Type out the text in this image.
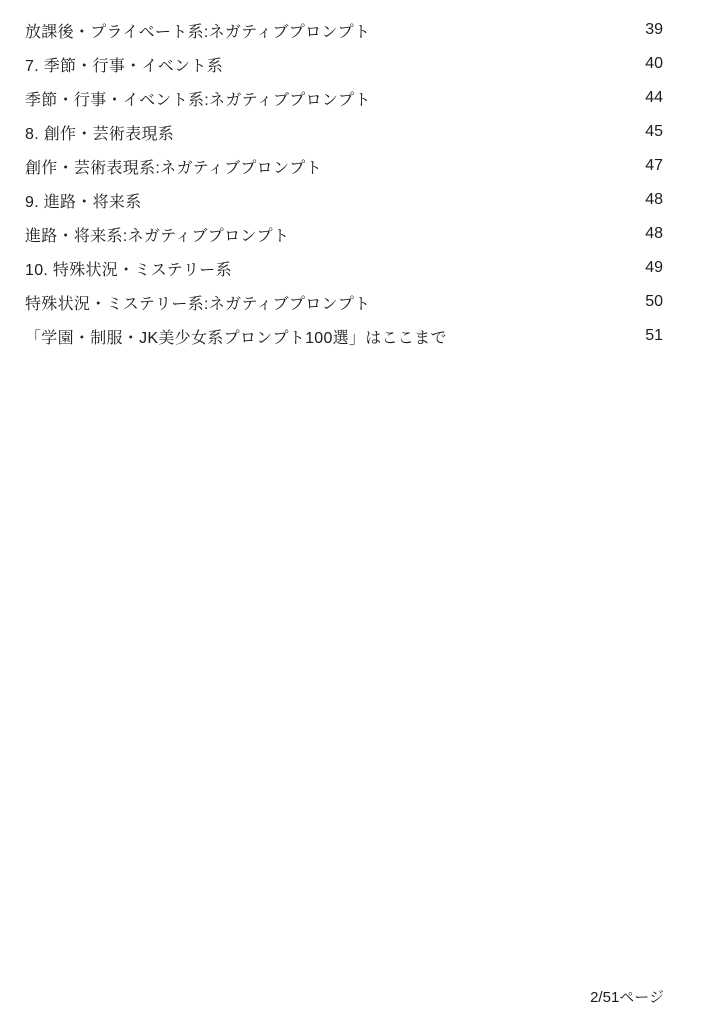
放課後・プライベート系:ネガティブプロンプト	39
7. 季節・行事・イベント系	40
季節・行事・イベント系:ネガティブプロンプト	44
8. 創作・芸術表現系	45
創作・芸術表現系:ネガティブプロンプト	47
9. 進路・将来系	48
進路・将来系:ネガティブプロンプト	48
10. 特殊状況・ミステリー系	49
特殊状況・ミステリー系:ネガティブプロンプト	50
「学園・制服・JK美少女系プロンプト100選」はここまで	51
2/51ページ
